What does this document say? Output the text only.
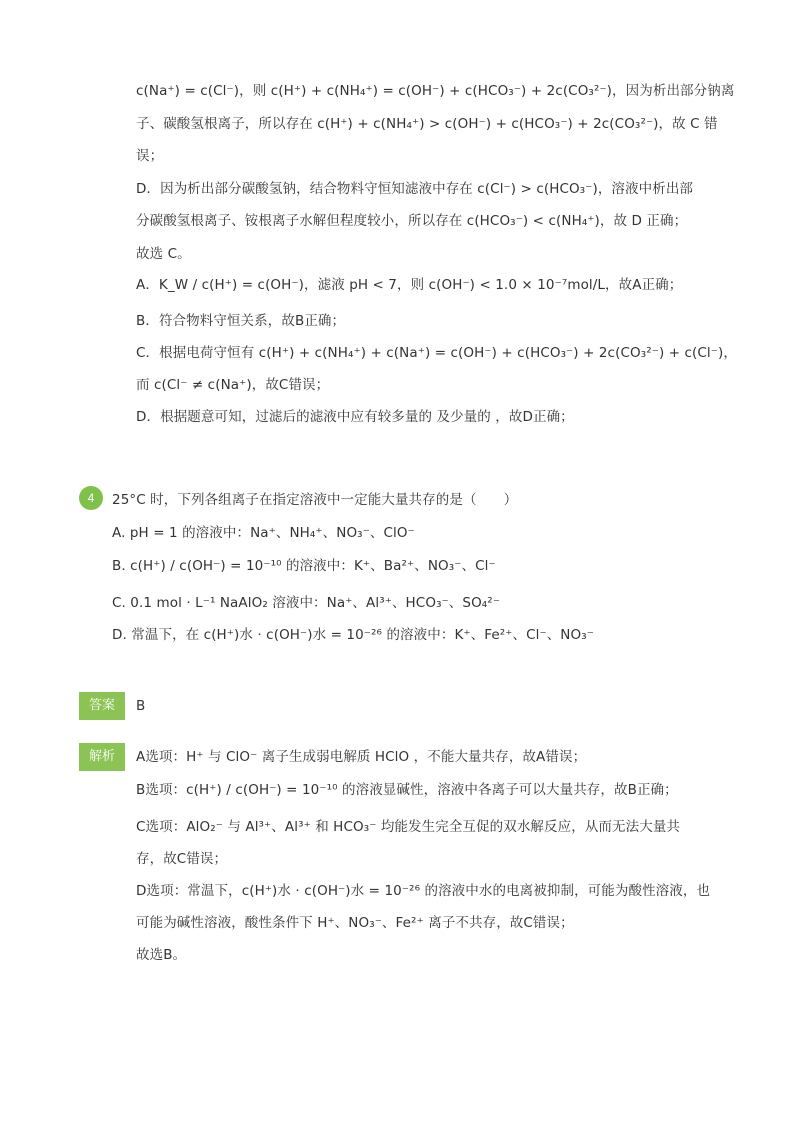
c(Na⁺) = c(Cl⁻)，则 c(H⁺) + c(NH₄⁺) = c(OH⁻) + c(HCO₃⁻) + 2c(CO₃²⁻)，因为析出部分钠离
子、碳酸氢根离子，所以存在 c(H⁺) + c(NH₄⁺) > c(OH⁻) + c(HCO₃⁻) + 2c(CO₃²⁻)，故 C 错
误；
D．因为析出部分碳酸氢钠，结合物料守恒知滤液中存在 c(Cl⁻) > c(HCO₃⁻)，溶液中析出部
分碳酸氢根离子、铵根离子水解但程度较小，所以存在 c(HCO₃⁻) < c(NH₄⁺)，故 D 正确；
故选 C。
A．K_W / c(H⁺) = c(OH⁻)，滤液 pH < 7，则 c(OH⁻) < 1.0 × 10⁻⁷mol/L，故A正确；
B．符合物料守恒关系，故B正确；
C．根据电荷守恒有 c(H⁺) + c(NH₄⁺) + c(Na⁺) = c(OH⁻) + c(HCO₃⁻) + 2c(CO₃²⁻) + c(Cl⁻)，
而 c(Cl⁻ ≠ c(Na⁺)，故C错误；
D．根据题意可知，过滤后的滤液中应有较多量的 及少量的 ，故D正确；
4	25°C 时，下列各组离子在指定溶液中一定能大量共存的是（　　）
A. pH = 1 的溶液中：Na⁺、NH₄⁺、NO₃⁻、ClO⁻
B. c(H⁺) / c(OH⁻) = 10⁻¹⁰ 的溶液中：K⁺、Ba²⁺、NO₃⁻、Cl⁻
C. 0.1 mol · L⁻¹ NaAlO₂ 溶液中：Na⁺、Al³⁺、HCO₃⁻、SO₄²⁻
D. 常温下，在 c(H⁺)水 · c(OH⁻)水 = 10⁻²⁶ 的溶液中：K⁺、Fe²⁺、Cl⁻、NO₃⁻
答案	B
解析	A选项：H⁺ 与 ClO⁻ 离子生成弱电解质 HClO ，不能大量共存，故A错误；
B选项：c(H⁺) / c(OH⁻) = 10⁻¹⁰ 的溶液显碱性，溶液中各离子可以大量共存，故B正确；
C选项：AlO₂⁻ 与 Al³⁺、Al³⁺ 和 HCO₃⁻ 均能发生完全互促的双水解反应，从而无法大量共
存，故C错误；
D选项：常温下，c(H⁺)水 · c(OH⁻)水 = 10⁻²⁶ 的溶液中水的电离被抑制，可能为酸性溶液，也
可能为碱性溶液，酸性条件下 H⁺、NO₃⁻、Fe²⁺ 离子不共存，故C错误；
故选B。
